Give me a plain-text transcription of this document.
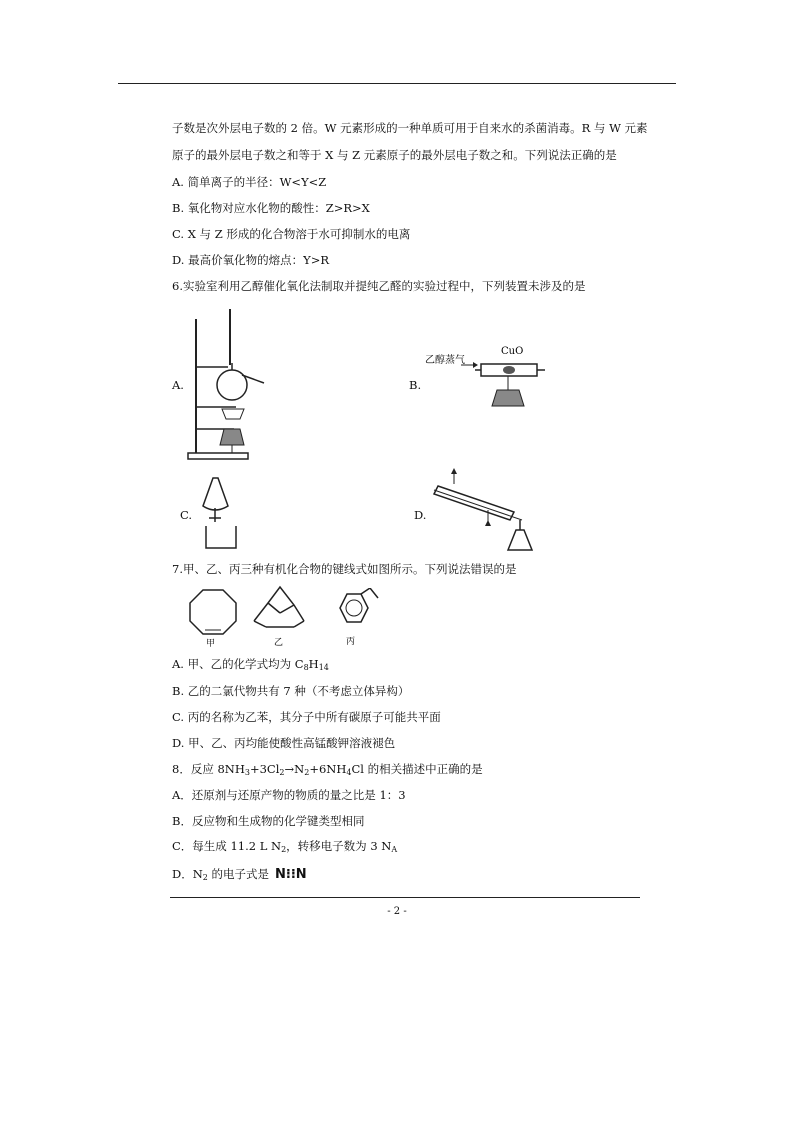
子数是次外层电子数的 2 倍。W 元素形成的一种单质可用于自来水的杀菌消毒。R 与 W 元素
原子的最外层电子数之和等于 X 与 Z 元素原子的最外层电子数之和。下列说法正确的是
A. 简单离子的半径：W<Y<Z
B. 氧化物对应水化物的酸性：Z>R>X
C. X 与 Z 形成的化合物溶于水可抑制水的电离
D. 最高价氧化物的熔点：Y>R
6.实验室利用乙醇催化氧化法制取并提纯乙醛的实验过程中，下列装置未涉及的是
A.	B.
乙醇蒸气
CuO
C.	D.
7.甲、乙、丙三种有机化合物的键线式如图所示。下列说法错误的是
甲	乙	丙
A. 甲、乙的化学式均为 $C_8H_{14}$
B. 乙的二氯代物共有 7 种（不考虑立体异构）
C. 丙的名称为乙苯，其分子中所有碳原子可能共平面
D. 甲、乙、丙均能使酸性高锰酸钾溶液褪色
8．反应 $8NH_3+3Cl_2\to N_2+6NH_4Cl$ 的相关描述中正确的是
A．还原剂与还原产物的物质的量之比是 1：3
B．反应物和生成物的化学键类型相同
C．每生成 11.2 L $N_2$，转移电子数为 3 $N_A$
D．$N_2$ 的电子式是 N⁝⁝N
- 2 -
